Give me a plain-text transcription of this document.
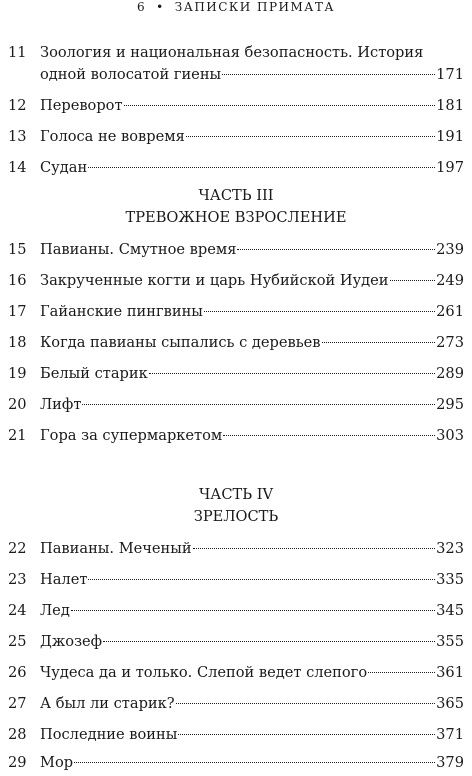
6 • ЗАПИСКИ ПРИМАТА
11 Зоология и национальная безопасность. История
одной волосатой гиены	171
12 Переворот	181
13 Голоса не вовремя	191
14 Судан	197
ЧАСТЬ III
ТРЕВОЖНОЕ ВЗРОСЛЕНИЕ
15 Павианы. Смутное время	239
16 Закрученные когти и царь Нубийской Иудеи	249
17 Гайанские пингвины	261
18 Когда павианы сыпались с деревьев	273
19 Белый старик	289
20 Лифт	295
21 Гора за супермаркетом	303
ЧАСТЬ IV
ЗРЕЛОСТЬ
22 Павианы. Меченый	323
23 Налет	335
24 Лед	345
25 Джозеф	355
26 Чудеса да и только. Слепой ведет слепого	361
27 А был ли старик?	365
28 Последние воины	371
29 Мор	379
